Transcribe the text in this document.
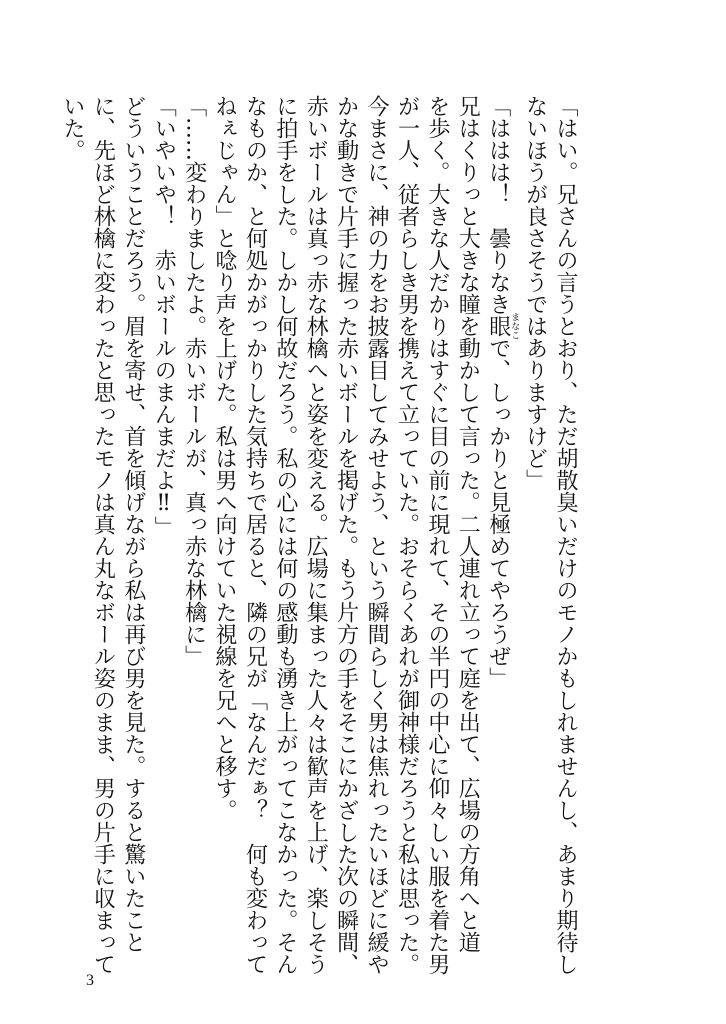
「はい。兄さんの言うとおり、ただ胡散臭いだけのモノかもしれませんし、あまり期待し

ないほうが良さそうではありますけど」

「ははは！　曇りなき眼まなこで、しっかりと見極めてやろうぜ」

兄はくりっと大きな瞳を動かして言った。二人連れ立って庭を出て、広場の方角へと道

を歩く。大きな人だかりはすぐに目の前に現れて、その半円の中心に仰々しい服を着た男

が一人、従者らしき男を携えて立っていた。おそらくあれが御神様だろうと私は思った。

今まさに、神の力をお披露目してみせよう、という瞬間らしく男は焦れったいほどに緩や

かな動きで片手に握った赤いボールを掲げた。もう片方の手をそこにかざした次の瞬間、

赤いボールは真っ赤な林檎へと姿を変える。広場に集まった人々は歓声を上げ、楽しそう

に拍手をした。しかし何故だろう。私の心には何の感動も湧き上がってこなかった。そん

なものか、と何処かがっかりした気持ちで居ると、隣の兄が「なんだぁ？　何も変わって

ねぇじゃん」と唸り声を上げた。私は男へ向けていた視線を兄へと移す。

「……変わりましたよ。赤いボールが、真っ赤な林檎に」

「いやいや！　赤いボールのまんまだよ‼」

どういうことだろう。眉を寄せ、首を傾げながら私は再び男を見た。すると驚いたこと

に、先ほど林檎に変わったと思ったモノは真ん丸なボール姿のまま、男の片手に収まって

いた。

3
